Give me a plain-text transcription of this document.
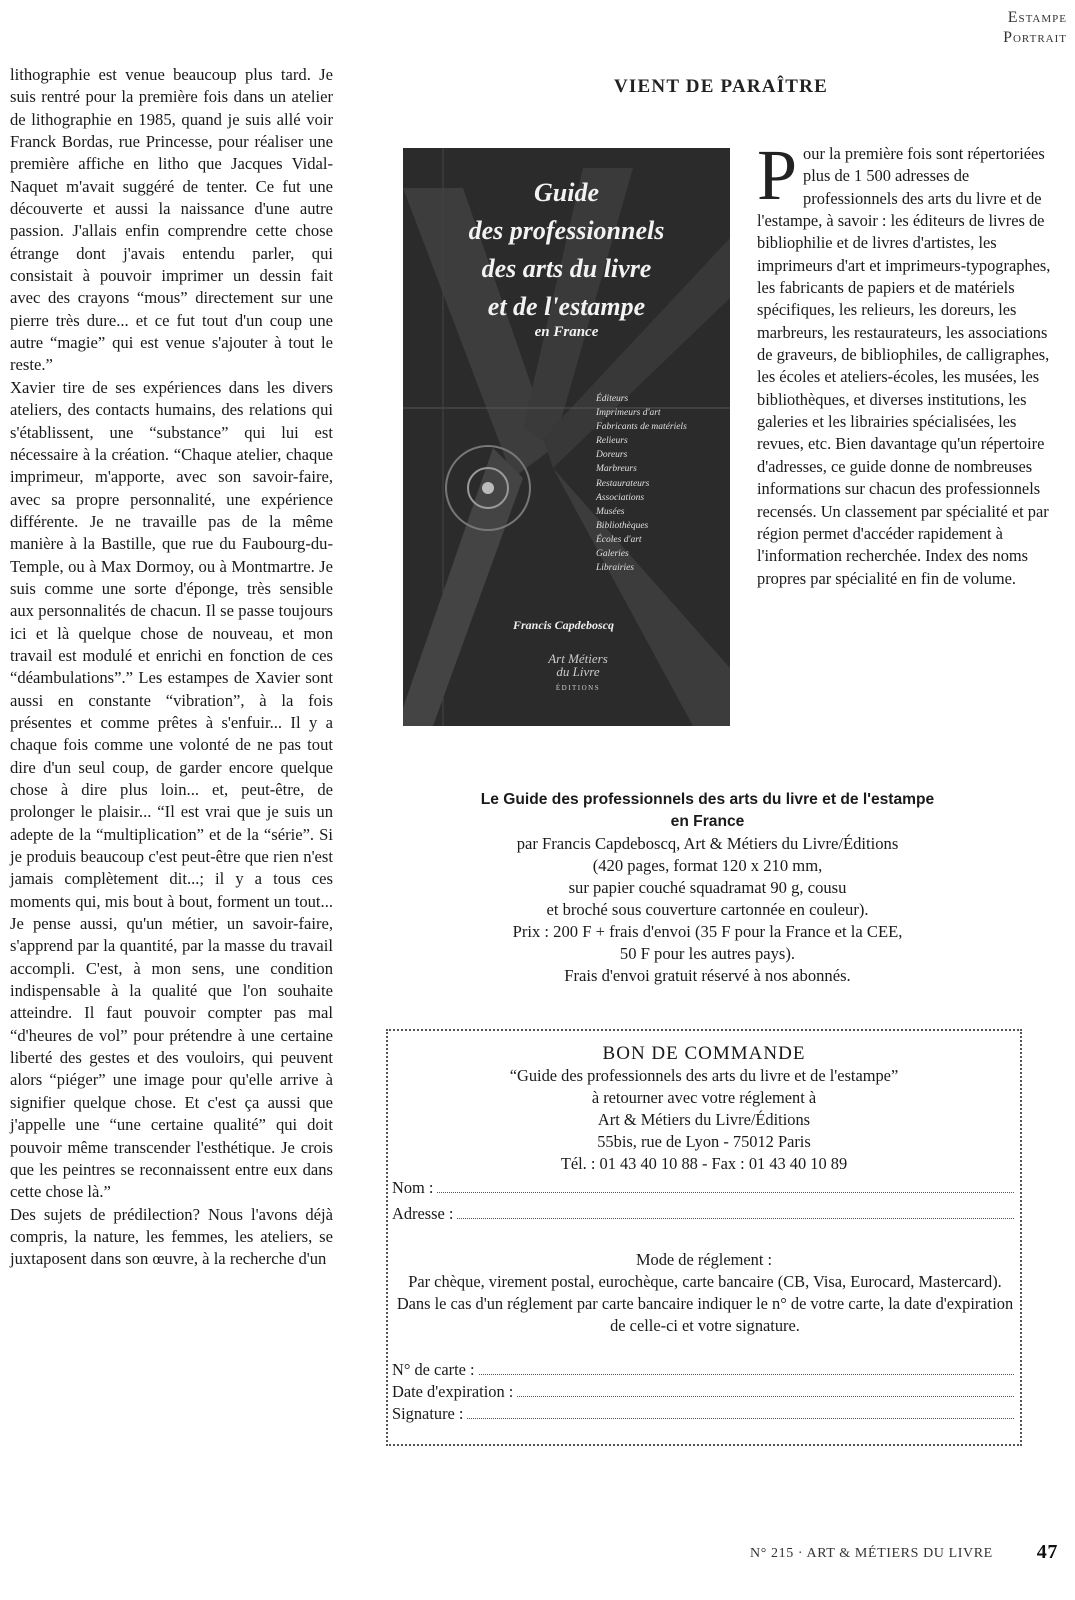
Estampe
Portrait

lithographie est venue beaucoup plus tard. Je suis rentré pour la première fois dans un atelier de lithographie en 1985, quand je suis allé voir Franck Bordas, rue Princesse, pour réaliser une première affiche en litho que Jacques Vidal-Naquet m'avait suggéré de tenter. Ce fut une découverte et aussi la naissance d'une autre passion. J'allais enfin comprendre cette chose étrange dont j'avais entendu parler, qui consistait à pouvoir imprimer un dessin fait avec des crayons “mous” directement sur une pierre très dure... et ce fut tout d'un coup une autre “magie” qui est venue s'ajouter à tout le reste.”

Xavier tire de ses expériences dans les divers ateliers, des contacts humains, des relations qui s'établissent, une “substance” qui lui est nécessaire à la création. “Chaque atelier, chaque imprimeur, m'apporte, avec son savoir-faire, avec sa propre personnalité, une expérience différente. Je ne travaille pas de la même manière à la Bastille, que rue du Faubourg-du-Temple, ou à Max Dormoy, ou à Montmartre. Je suis comme une sorte d'éponge, très sensible aux personnalités de chacun. Il se passe toujours ici et là quelque chose de nouveau, et mon travail est modulé et enrichi en fonction de ces “déambulations”.” Les estampes de Xavier sont aussi en constante “vibration”, à la fois présentes et comme prêtes à s'enfuir... Il y a chaque fois comme une volonté de ne pas tout dire d'un seul coup, de garder encore quelque chose à dire plus loin... et, peut-être, de prolonger le plaisir... “Il est vrai que je suis un adepte de la “multiplication” et de la “série”. Si je produis beaucoup c'est peut-être que rien n'est jamais complètement dit...; il y a tous ces moments qui, mis bout à bout, forment un tout... Je pense aussi, qu'un métier, un savoir-faire, s'apprend par la quantité, par la masse du travail accompli. C'est, à mon sens, une condition indispensable à la qualité que l'on souhaite atteindre. Il faut pouvoir compter pas mal “d'heures de vol” pour prétendre à une certaine liberté des gestes et des vouloirs, qui peuvent alors “piéger” une image pour qu'elle arrive à signifier quelque chose. Et c'est ça aussi que j'appelle une “une certaine qualité” qui doit pouvoir même transcender l'esthétique. Je crois que les peintres se reconnaissent entre eux dans cette chose là.”

Des sujets de prédilection? Nous l'avons déjà compris, la nature, les femmes, les ateliers, se juxtaposent dans son œuvre, à la recherche d'un

VIENT DE PARAÎTRE
Guide
des professionnels
des arts du livre
et de l'estampe
en France
Éditeurs
Imprimeurs d'art
Fabricants de matériels
Relieurs
Doreurs
Marbreurs
Restaurateurs
Associations
Musées
Bibliothèques
Écoles d'art
Galeries
Librairies
Francis Capdeboscq
Art Métiers
du Livre
ÉDITIONS

Pour la première fois sont répertoriées plus de 1 500 adresses de professionnels des arts du livre et de l'estampe, à savoir : les éditeurs de livres de bibliophilie et de livres d'artistes, les imprimeurs d'art et imprimeurs-typographes, les fabricants de papiers et de matériels spécifiques, les relieurs, les doreurs, les marbreurs, les restaurateurs, les associations de graveurs, de bibliophiles, de calligraphes, les écoles et ateliers-écoles, les musées, les bibliothèques, et diverses institutions, les galeries et les librairies spécialisées, les revues, etc. Bien davantage qu'un répertoire d'adresses, ce guide donne de nombreuses informations sur chacun des professionnels recensés. Un classement par spécialité et par région permet d'accéder rapidement à l'information recherchée. Index des noms propres par spécialité en fin de volume.

Le Guide des professionnels des arts du livre et de l'estampe
en France
par Francis Capdeboscq, Art & Métiers du Livre/Éditions
(420 pages, format 120 x 210 mm,
sur papier couché squadramat 90 g, cousu
et broché sous couverture cartonnée en couleur).
Prix : 200 F + frais d'envoi (35 F pour la France et la CEE,
50 F pour les autres pays).
Frais d'envoi gratuit réservé à nos abonnés.
BON DE COMMANDE
“Guide des professionnels des arts du livre et de l'estampe”
à retourner avec votre réglement à
Art & Métiers du Livre/Éditions
55bis, rue de Lyon - 75012 Paris
Tél. : 01 43 40 10 88 - Fax : 01 43 40 10 89
Nom :
Adresse :
Mode de réglement :
Par chèque, virement postal, eurochèque, carte bancaire (CB, Visa, Eurocard, Mastercard). Dans le cas d'un réglement par carte bancaire indiquer le n° de votre carte, la date d'expiration de celle-ci et votre signature.
N° de carte :
Date d'expiration :
Signature :
N° 215 · ART & MÉTIERS DU LIVRE 47
